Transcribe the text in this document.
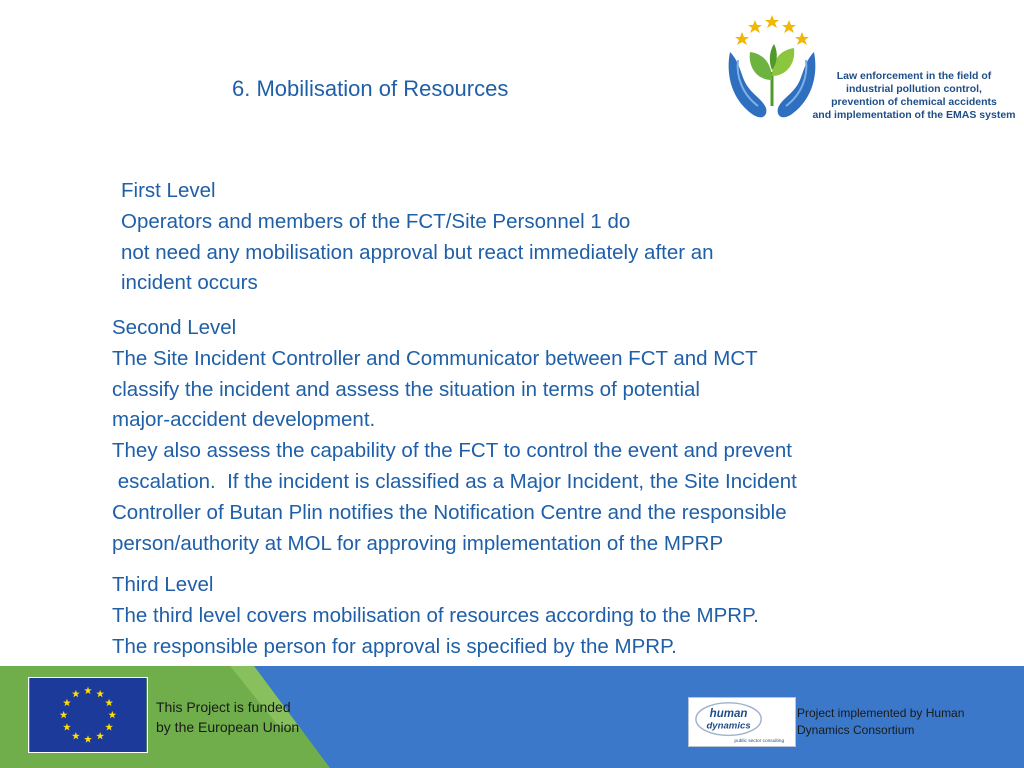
6. Mobilisation of Resources	Law enforcement in the field of
industrial pollution control,
prevention of chemical accidents
and implementation of the EMAS system
First Level
Operators and members of the FCT/Site Personnel 1 do
not need any mobilisation approval but react immediately after an
incident occurs
Second Level
The Site Incident Controller and Communicator between FCT and MCT
classify the incident and assess the situation in terms of potential
major-accident development.
They also assess the capability of the FCT to control the event and prevent
escalation.  If the incident is classified as a Major Incident, the Site Incident
Controller of Butan Plin notifies the Notification Centre and the responsible
person/authority at MOL for approving implementation of the MPRP
Third Level
The third level covers mobilisation of resources according to the MPRP.
The responsible person for approval is specified by the MPRP.
This Project is funded
by the European Union
human
dynamics
public sector consulting
Project implemented by Human
Dynamics Consortium
